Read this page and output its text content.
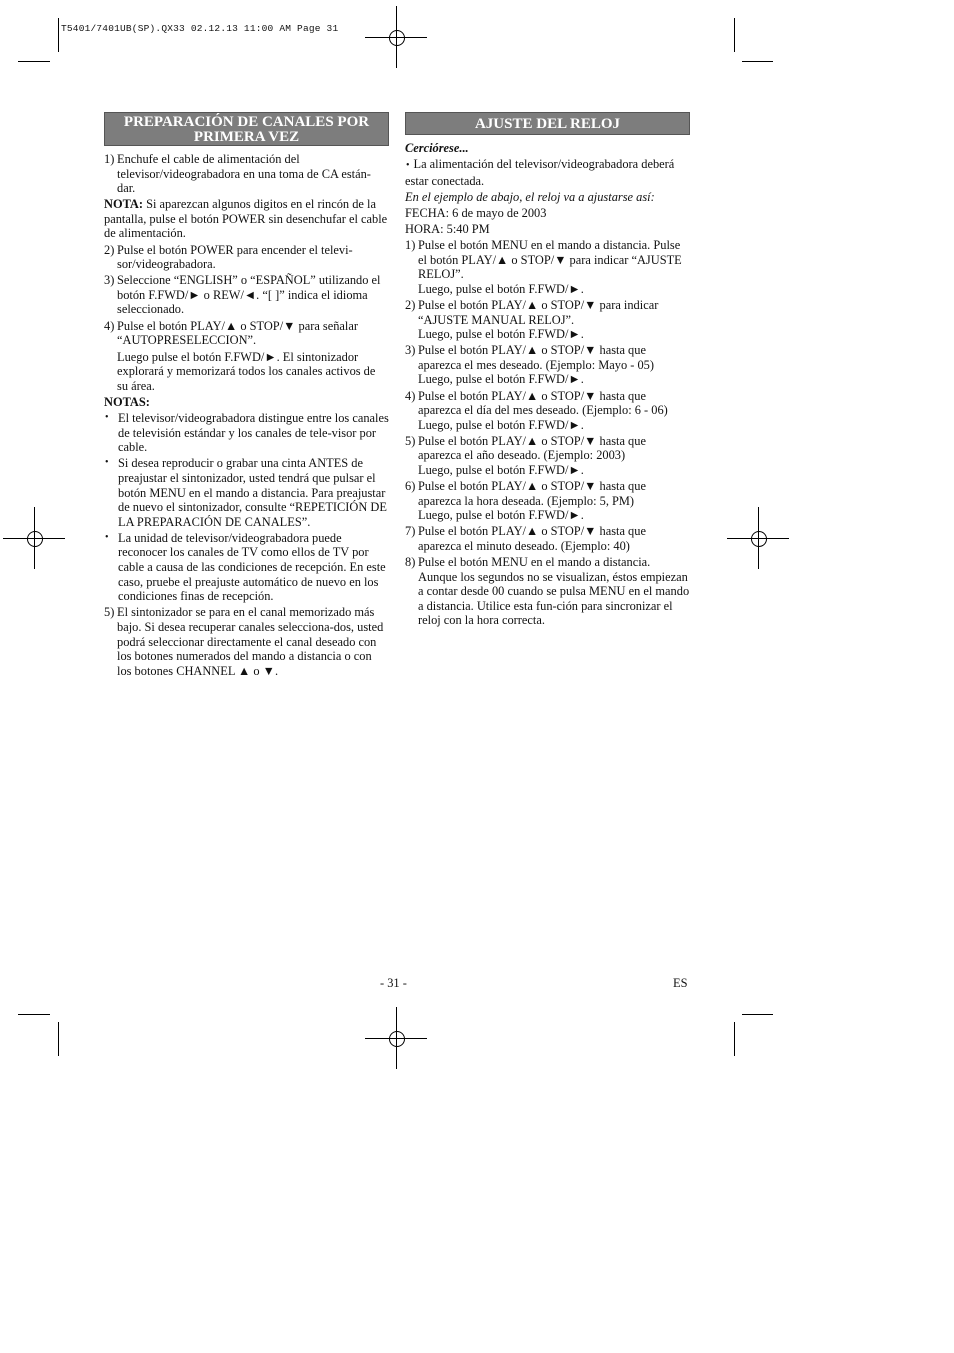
T5401/7401UB(SP).QX33 02.12.13 11:00 AM Page 31
PREPARACIÓN DE CANALES POR
PRIMERA VEZ
1) Enchufe el cable de alimentación del televisor/videograbadora en una toma de CA están-dar.
NOTA: Si aparezcan algunos digitos en el rincón de la pantalla, pulse el botón POWER sin desenchufar el cable de alimentación.
2) Pulse el botón POWER para encender el televi-sor/videograbadora.
3) Seleccione “ENGLISH” o “ESPAÑOL” utilizando el botón F.FWD/► o REW/◄. “[ ]” indica el idioma seleccionado.
4) Pulse el botón PLAY/▲ o STOP/▼ para señalar “AUTOPRESELECCION”.
Luego pulse el botón F.FWD/►. El sintonizador explorará y memorizará todos los canales activos de su área.
NOTAS:
• El televisor/videograbadora distingue entre los canales de televisión estándar y los canales de tele-visor por cable.
• Si desea reproducir o grabar una cinta ANTES de preajustar el sintonizador, usted tendrá que pulsar el botón MENU en el mando a distancia. Para preajustar de nuevo el sintonizador, consulte “REPETICIÓN DE LA PREPARACIÓN DE CANALES”.
• La unidad de televisor/videograbadora puede reconocer los canales de TV como ellos de TV por cable a causa de las condiciones de recepción. En este caso, pruebe el preajuste automático de nuevo en los condiciones finas de recepción.
5) El sintonizador se para en el canal memorizado más bajo. Si desea recuperar canales selecciona-dos, usted podrá seleccionar directamente el canal deseado con los botones numerados del mando a distancia o con los botones CHANNEL ▲ o ▼.
AJUSTE DEL RELOJ
Cerciórese...
• La alimentación del televisor/videograbadora deberá estar conectada.
En el ejemplo de abajo, el reloj va a ajustarse así:
FECHA: 6 de mayo de 2003
HORA: 5:40 PM
1) Pulse el botón MENU en el mando a distancia. Pulse el botón PLAY/▲ o STOP/▼ para indicar “AJUSTE RELOJ”.
Luego, pulse el botón F.FWD/►.
2) Pulse el botón PLAY/▲ o STOP/▼ para indicar “AJUSTE MANUAL RELOJ”.
Luego, pulse el botón F.FWD/►.
3) Pulse el botón PLAY/▲ o STOP/▼ hasta que aparezca el mes deseado. (Ejemplo: Mayo - 05)
Luego, pulse el botón F.FWD/►.
4) Pulse el botón PLAY/▲ o STOP/▼ hasta que aparezca el día del mes deseado. (Ejemplo: 6 - 06)
Luego, pulse el botón F.FWD/►.
5) Pulse el botón PLAY/▲ o STOP/▼ hasta que aparezca el año deseado. (Ejemplo: 2003)
Luego, pulse el botón F.FWD/►.
6) Pulse el botón PLAY/▲ o STOP/▼ hasta que aparezca la hora deseada. (Ejemplo: 5, PM)
Luego, pulse el botón F.FWD/►.
7) Pulse el botón PLAY/▲ o STOP/▼ hasta que aparezca el minuto deseado. (Ejemplo: 40)
8) Pulse el botón MENU en el mando a distancia. Aunque los segundos no se visualizan, éstos empiezan a contar desde 00 cuando se pulsa MENU en el mando a distancia. Utilice esta fun-ción para sincronizar el reloj con la hora correcta.
- 31 -	ES
